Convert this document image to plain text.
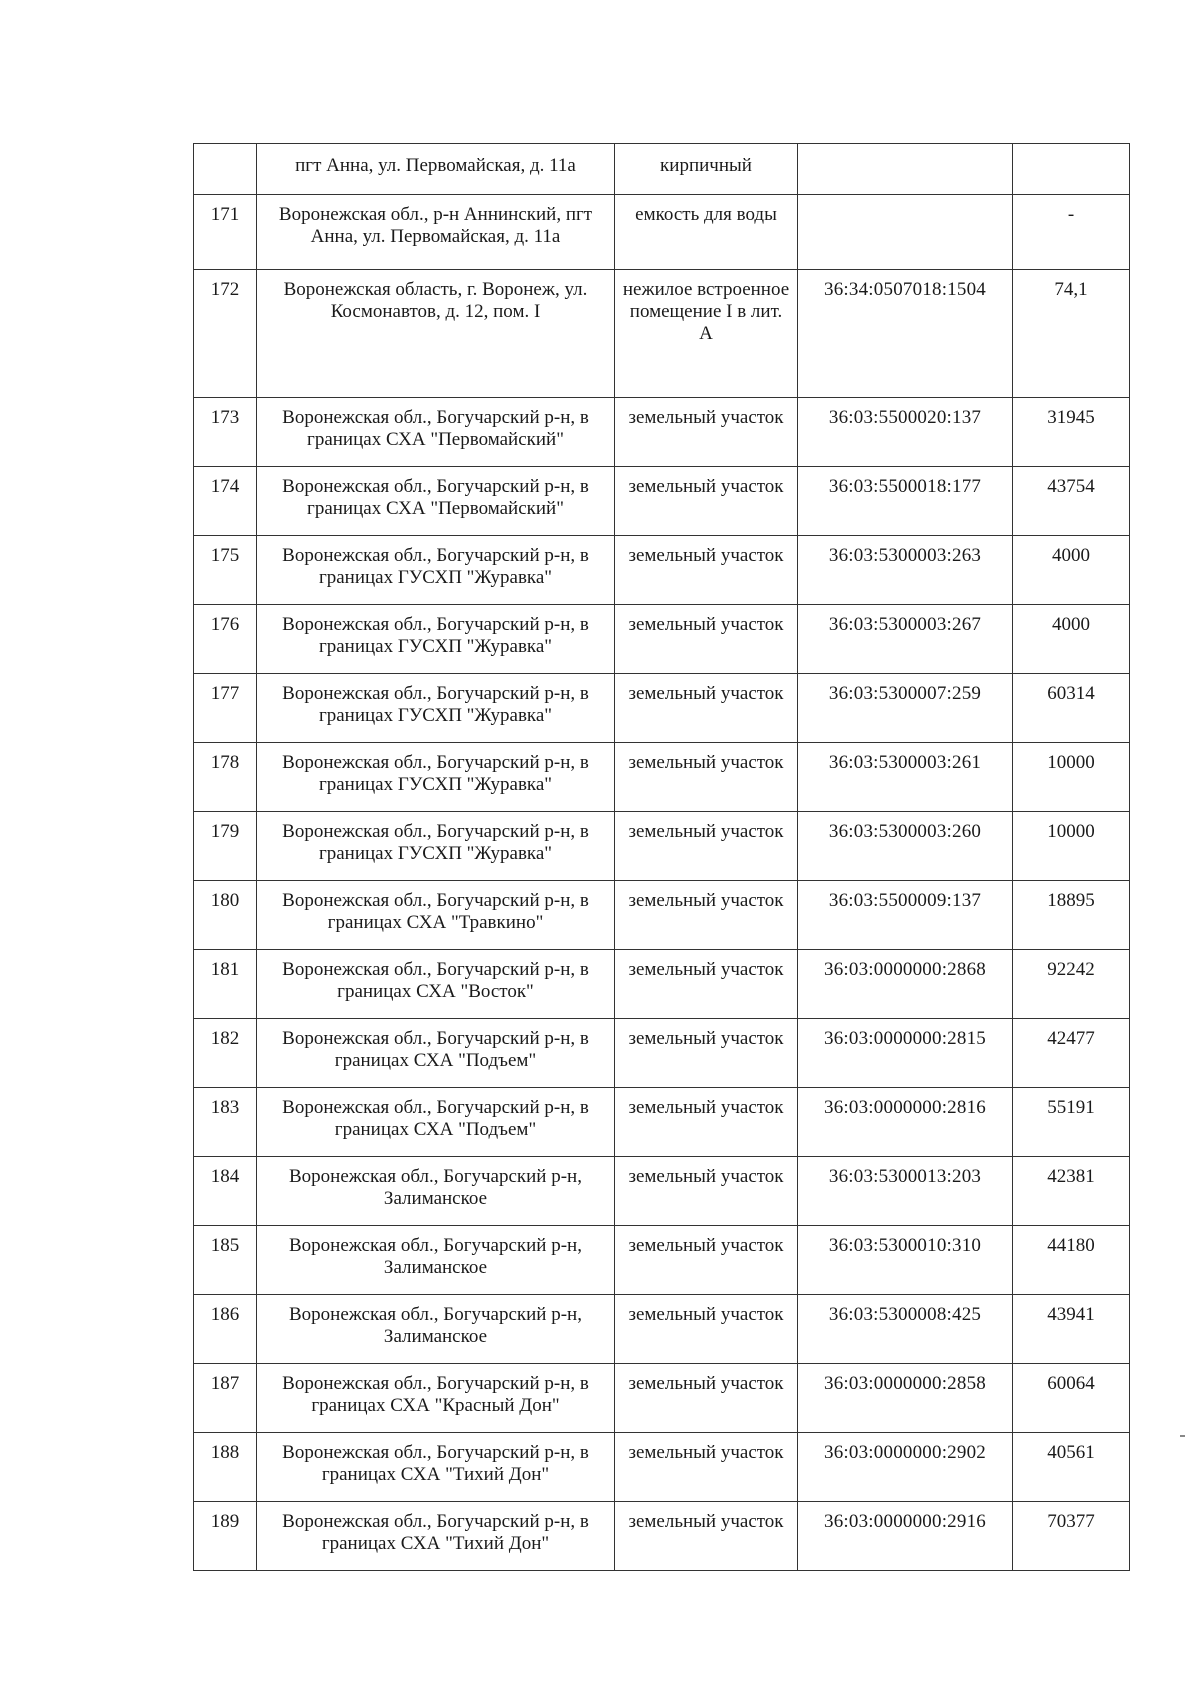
	пгт Анна, ул. Первомайская, д. 11а	кирпичный		
171	Воронежская обл., р-н Аннинский, пгт Анна, ул. Первомайская, д. 11а	емкость для воды		-
172	Воронежская область, г. Воронеж, ул. Космонавтов, д. 12, пом. I	нежилое встроенное помещение I в лит. А	36:34:0507018:1504	74,1
173	Воронежская обл., Богучарский р-н, в границах СХА "Первомайский"	земельный участок	36:03:5500020:137	31945
174	Воронежская обл., Богучарский р-н, в границах СХА "Первомайский"	земельный участок	36:03:5500018:177	43754
175	Воронежская обл., Богучарский р-н, в границах ГУСХП "Журавка"	земельный участок	36:03:5300003:263	4000
176	Воронежская обл., Богучарский р-н, в границах ГУСХП "Журавка"	земельный участок	36:03:5300003:267	4000
177	Воронежская обл., Богучарский р-н, в границах ГУСХП "Журавка"	земельный участок	36:03:5300007:259	60314
178	Воронежская обл., Богучарский р-н, в границах ГУСХП "Журавка"	земельный участок	36:03:5300003:261	10000
179	Воронежская обл., Богучарский р-н, в границах ГУСХП "Журавка"	земельный участок	36:03:5300003:260	10000
180	Воронежская обл., Богучарский р-н, в границах СХА "Травкино"	земельный участок	36:03:5500009:137	18895
181	Воронежская обл., Богучарский р-н, в границах СХА "Восток"	земельный участок	36:03:0000000:2868	92242
182	Воронежская обл., Богучарский р-н, в границах СХА "Подъем"	земельный участок	36:03:0000000:2815	42477
183	Воронежская обл., Богучарский р-н, в границах СХА "Подъем"	земельный участок	36:03:0000000:2816	55191
184	Воронежская обл., Богучарский р-н, Залиманское	земельный участок	36:03:5300013:203	42381
185	Воронежская обл., Богучарский р-н, Залиманское	земельный участок	36:03:5300010:310	44180
186	Воронежская обл., Богучарский р-н, Залиманское	земельный участок	36:03:5300008:425	43941
187	Воронежская обл., Богучарский р-н, в границах СХА "Красный Дон"	земельный участок	36:03:0000000:2858	60064
188	Воронежская обл., Богучарский р-н, в границах СХА "Тихий Дон"	земельный участок	36:03:0000000:2902	40561
189	Воронежская обл., Богучарский р-н, в границах СХА "Тихий Дон"	земельный участок	36:03:0000000:2916	70377
